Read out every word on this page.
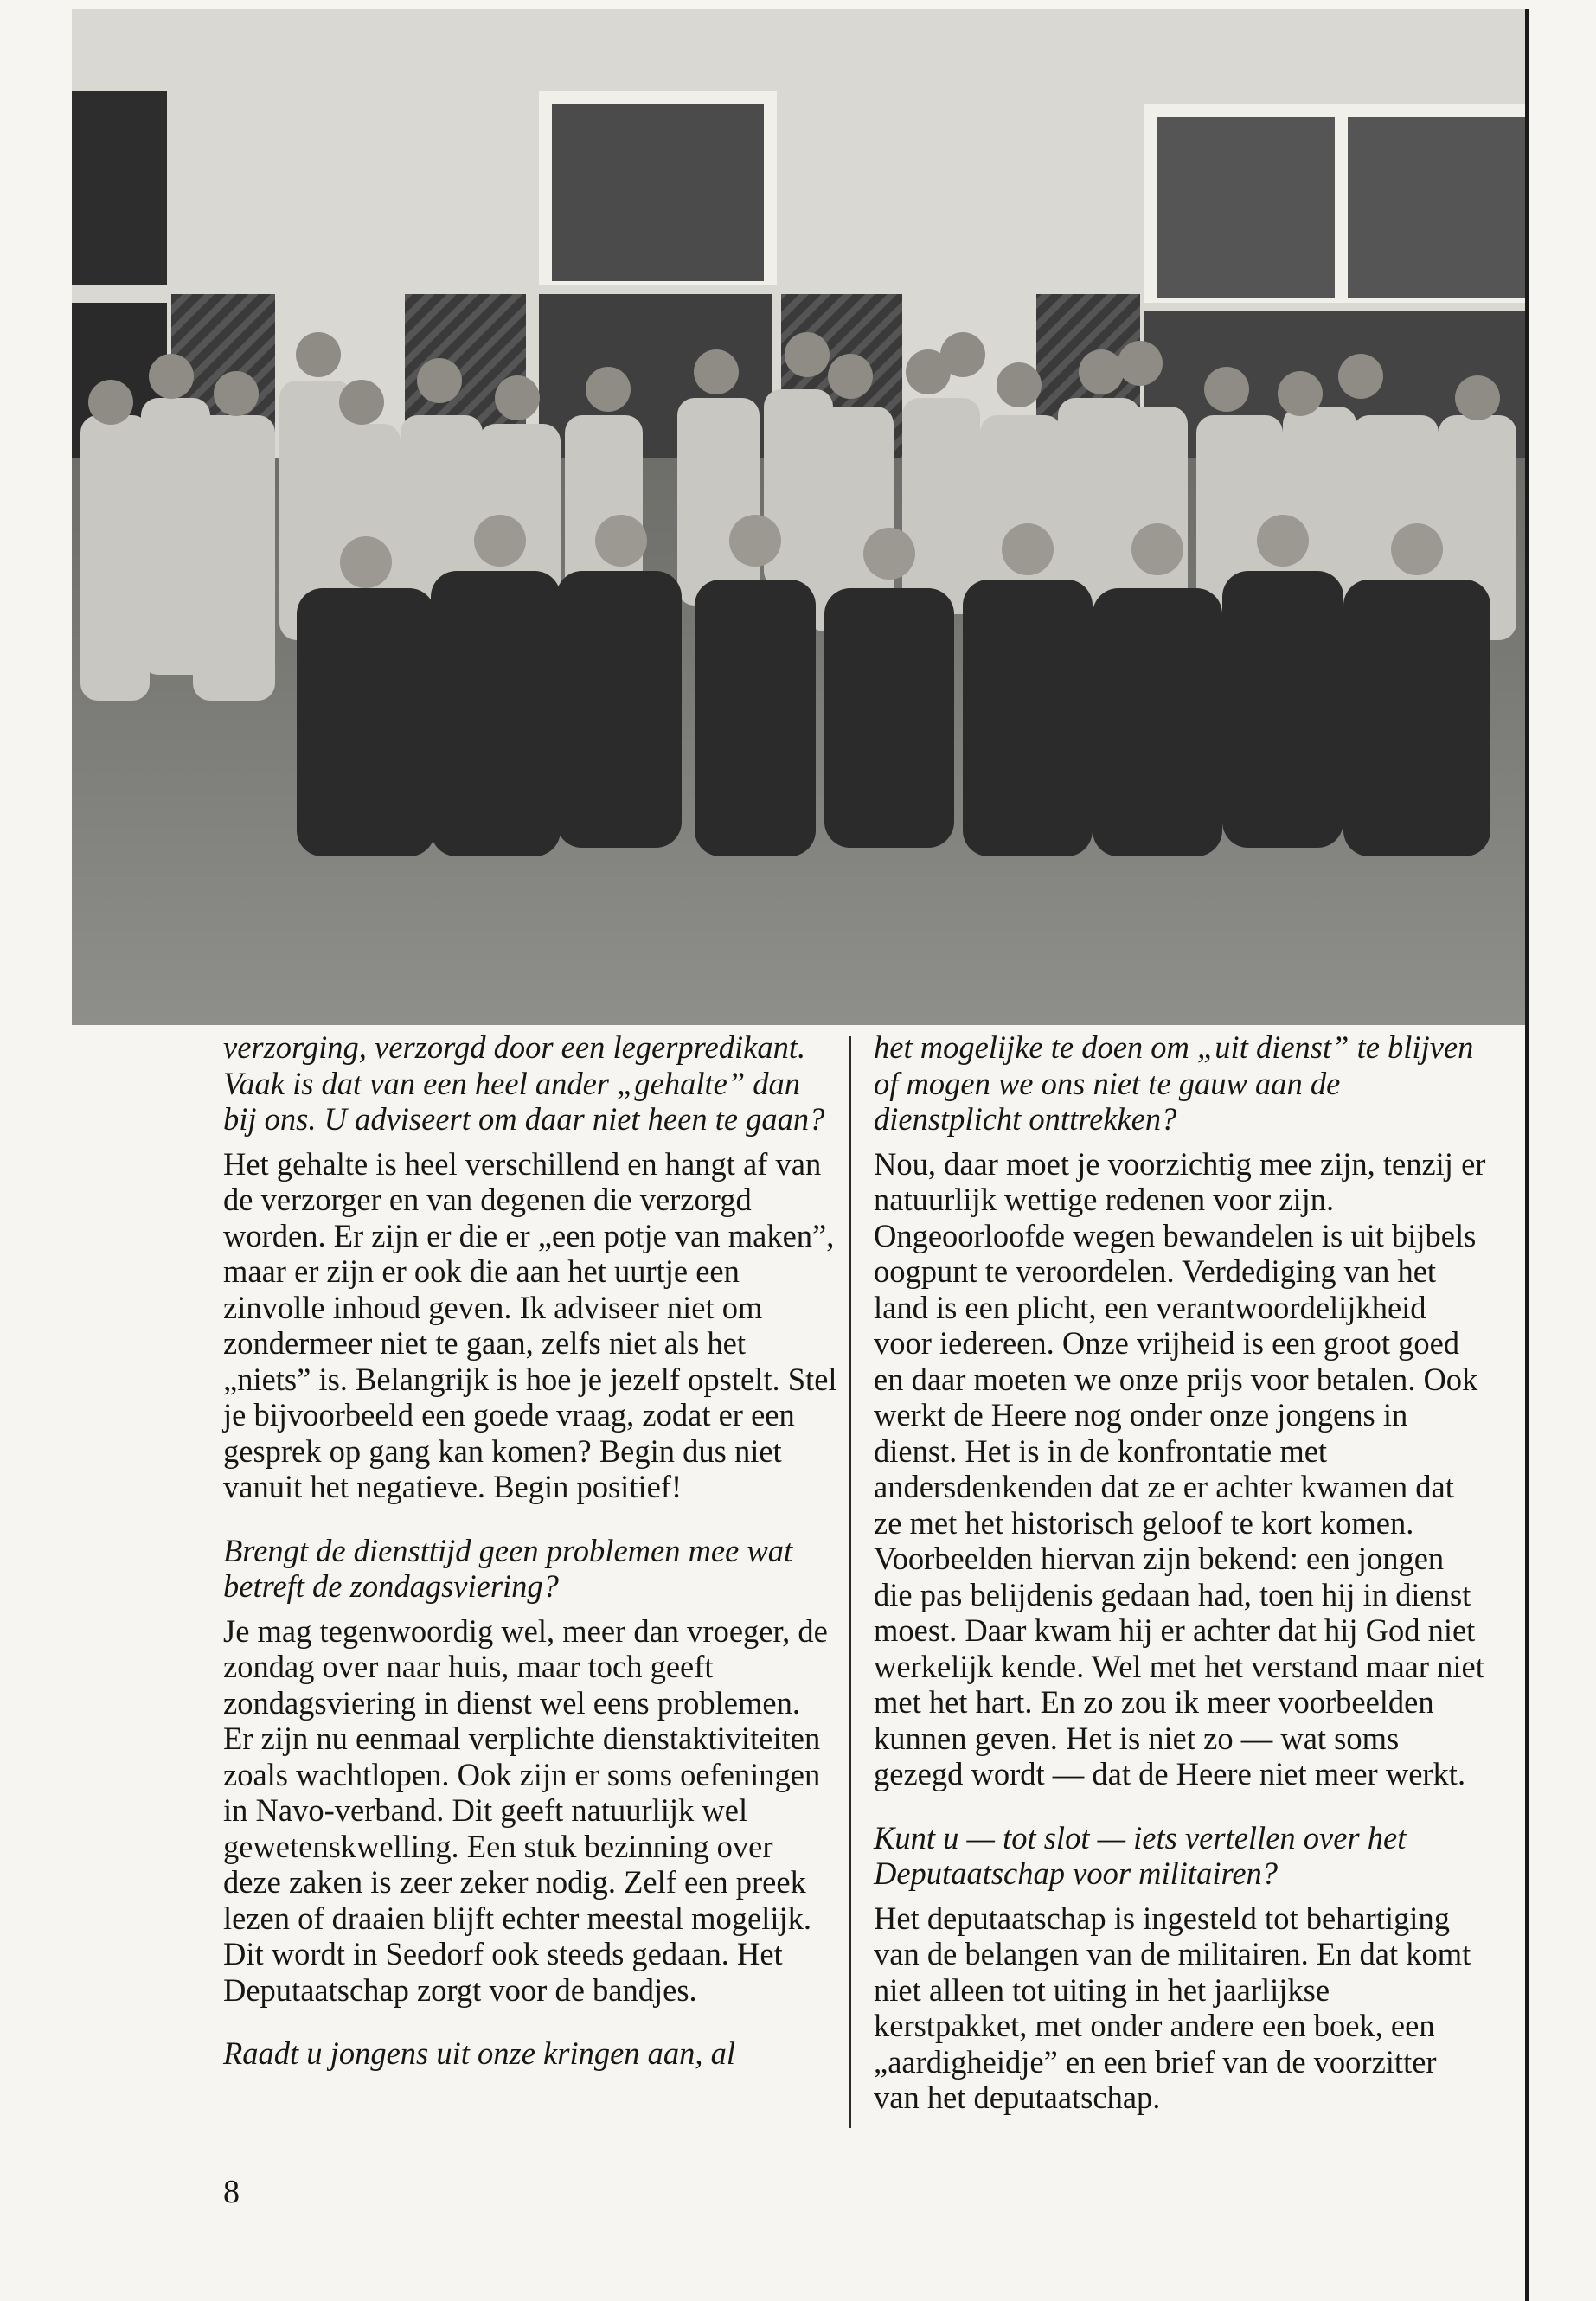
verzorging, verzorgd door een legerpredikant. Vaak is dat van een heel ander „gehalte” dan bij ons. U adviseert om daar niet heen te gaan?

Het gehalte is heel verschillend en hangt af van de verzorger en van degenen die verzorgd worden. Er zijn er die er „een potje van maken”, maar er zijn er ook die aan het uurtje een zinvolle inhoud geven. Ik adviseer niet om zondermeer niet te gaan, zelfs niet als het „niets” is. Belangrijk is hoe je jezelf opstelt. Stel je bijvoorbeeld een goede vraag, zodat er een gesprek op gang kan komen? Begin dus niet vanuit het negatieve. Begin positief!

Brengt de diensttijd geen problemen mee wat betreft de zondagsviering?

Je mag tegenwoordig wel, meer dan vroeger, de zondag over naar huis, maar toch geeft zondagsviering in dienst wel eens problemen. Er zijn nu eenmaal verplichte dienstaktiviteiten zoals wachtlopen. Ook zijn er soms oefeningen in Navo-verband. Dit geeft natuurlijk wel gewetenskwelling. Een stuk bezinning over deze zaken is zeer zeker nodig. Zelf een preek lezen of draaien blijft echter meestal mogelijk. Dit wordt in Seedorf ook steeds gedaan. Het Deputaatschap zorgt voor de bandjes.

Raadt u jongens uit onze kringen aan, al

het mogelijke te doen om „uit dienst” te blijven of mogen we ons niet te gauw aan de dienstplicht onttrekken?

Nou, daar moet je voorzichtig mee zijn, tenzij er natuurlijk wettige redenen voor zijn. Ongeoorloofde wegen bewandelen is uit bijbels oogpunt te veroordelen. Verdediging van het land is een plicht, een verantwoordelijkheid voor iedereen. Onze vrijheid is een groot goed en daar moeten we onze prijs voor betalen. Ook werkt de Heere nog onder onze jongens in dienst. Het is in de konfrontatie met andersdenkenden dat ze er achter kwamen dat ze met het historisch geloof te kort komen. Voorbeelden hiervan zijn bekend: een jongen die pas belijdenis gedaan had, toen hij in dienst moest. Daar kwam hij er achter dat hij God niet werkelijk kende. Wel met het verstand maar niet met het hart. En zo zou ik meer voorbeelden kunnen geven. Het is niet zo — wat soms gezegd wordt — dat de Heere niet meer werkt.

Kunt u — tot slot — iets vertellen over het Deputaatschap voor militairen?

Het deputaatschap is ingesteld tot behartiging van de belangen van de militairen. En dat komt niet alleen tot uiting in het jaarlijkse kerstpakket, met onder andere een boek, een „aardigheidje” en een brief van de voorzitter van het deputaatschap.

8
